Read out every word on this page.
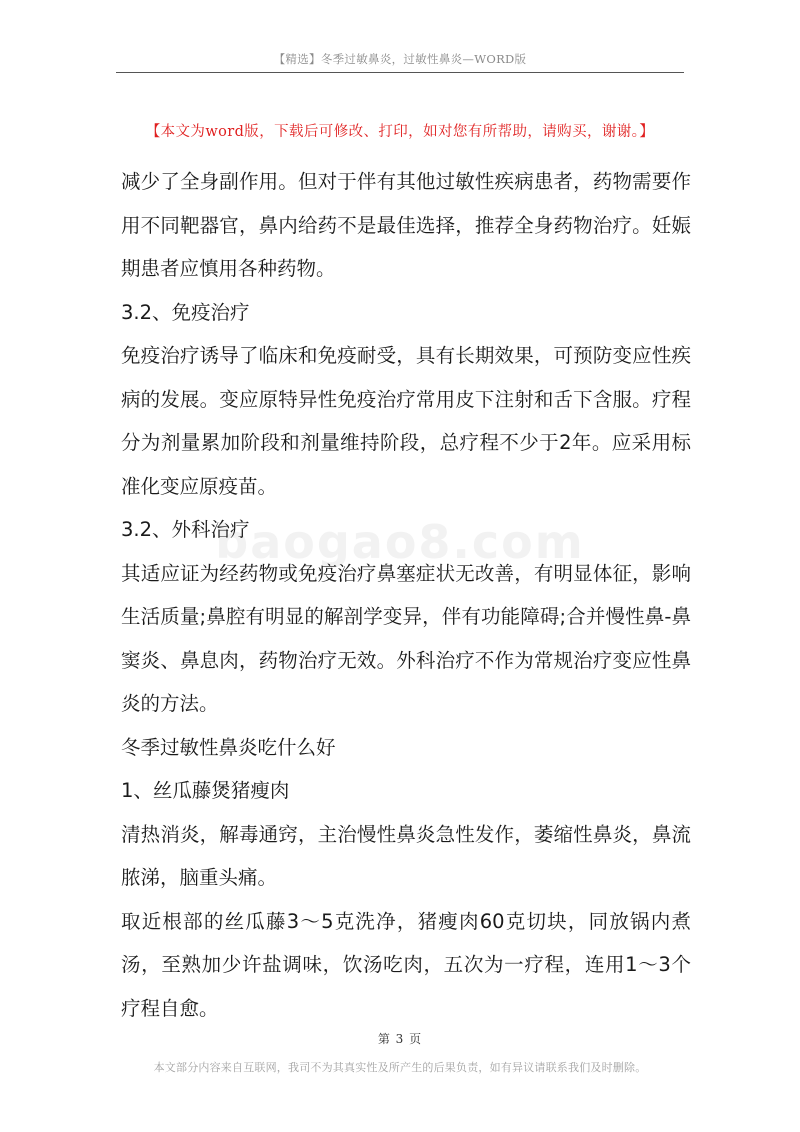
【精选】冬季过敏鼻炎，过敏性鼻炎—WORD版
【本文为word版，下载后可修改、打印，如对您有所帮助，请购买，谢谢。】
baogao8.com

减少了全身副作用。但对于伴有其他过敏性疾病患者，药物需要作用不同靶器官，鼻内给药不是最佳选择，推荐全身药物治疗。妊娠期患者应慎用各种药物。

3.2、免疫治疗

免疫治疗诱导了临床和免疫耐受，具有长期效果，可预防变应性疾病的发展。变应原特异性免疫治疗常用皮下注射和舌下含服。疗程分为剂量累加阶段和剂量维持阶段，总疗程不少于2年。应采用标准化变应原疫苗。

3.2、外科治疗

其适应证为经药物或免疫治疗鼻塞症状无改善，有明显体征，影响生活质量;鼻腔有明显的解剖学变异，伴有功能障碍;合并慢性鼻-鼻窦炎、鼻息肉，药物治疗无效。外科治疗不作为常规治疗变应性鼻炎的方法。

冬季过敏性鼻炎吃什么好

1、丝瓜藤煲猪瘦肉

清热消炎，解毒通窍，主治慢性鼻炎急性发作，萎缩性鼻炎，鼻流脓涕，脑重头痛。

取近根部的丝瓜藤3～5克洗净，猪瘦肉60克切块，同放锅内煮汤，至熟加少许盐调味，饮汤吃肉，五次为一疗程，连用1～3个疗程自愈。

第 3 页
本文部分内容来自互联网，我司不为其真实性及所产生的后果负责，如有异议请联系我们及时删除。
